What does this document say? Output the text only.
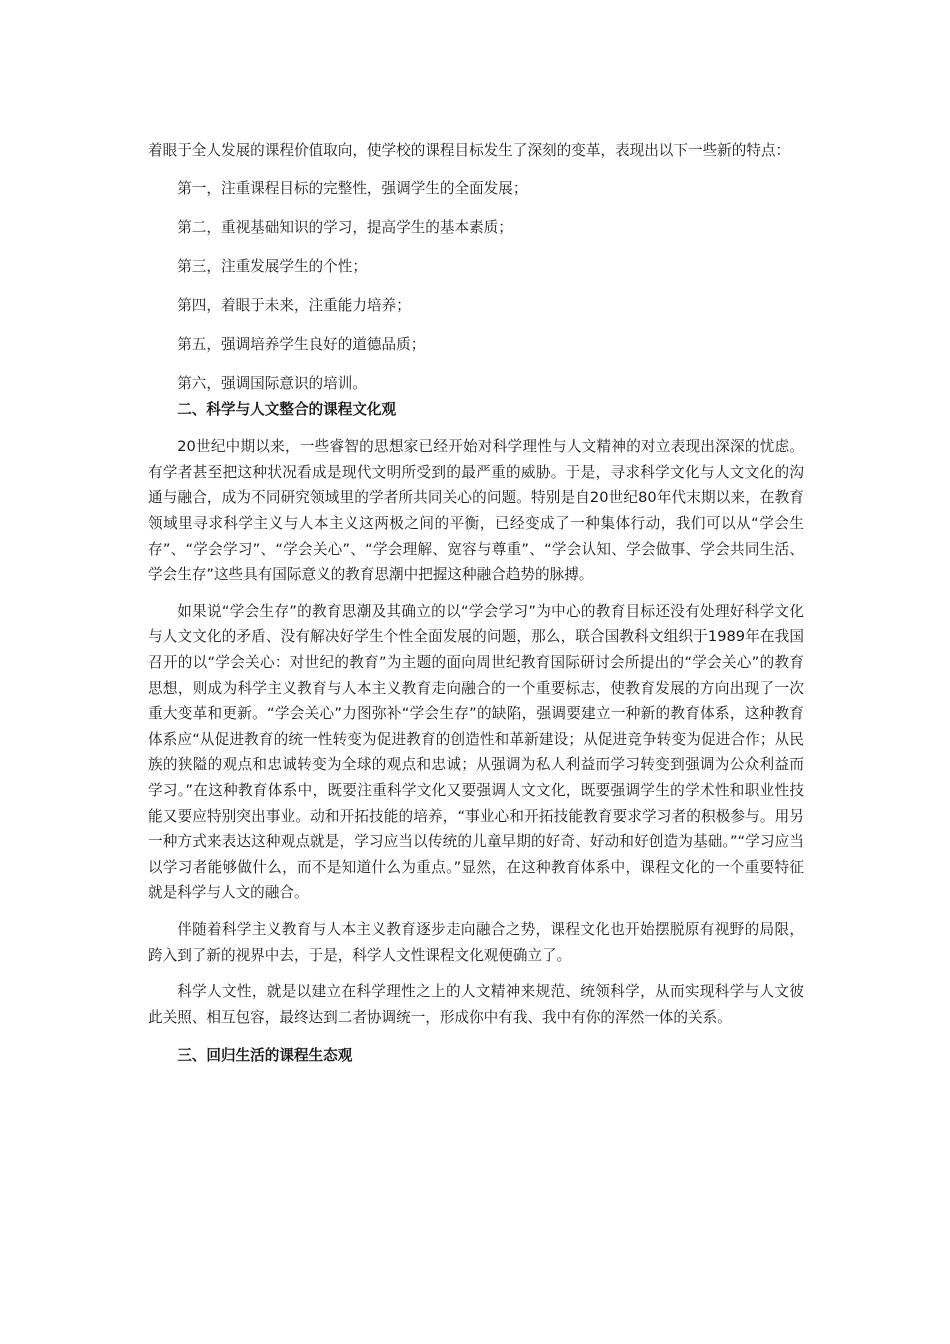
着眼于全人发展的课程价值取向，使学校的课程目标发生了深刻的变革，表现出以下一些新的特点：

第一，注重课程目标的完整性，强调学生的全面发展；

第二，重视基础知识的学习，提高学生的基本素质；

第三，注重发展学生的个性；

第四，着眼于未来，注重能力培养；

第五，强调培养学生良好的道德品质；

第六，强调国际意识的培训。

二、科学与人文整合的课程文化观

20世纪中期以来，一些睿智的思想家已经开始对科学理性与人文精神的对立表现出深深的忧虑。有学者甚至把这种状况看成是现代文明所受到的最严重的威胁。于是，寻求科学文化与人文文化的沟通与融合，成为不同研究领域里的学者所共同关心的问题。特别是自20世纪80年代末期以来，在教育领域里寻求科学主义与人本主义这两极之间的平衡，已经变成了一种集体行动，我们可以从“学会生存”、“学会学习”、“学会关心”、“学会理解、宽容与尊重”、“学会认知、学会做事、学会共同生活、学会生存”这些具有国际意义的教育思潮中把握这种融合趋势的脉搏。

如果说“学会生存”的教育思潮及其确立的以“学会学习”为中心的教育目标还没有处理好科学文化与人文文化的矛盾、没有解决好学生个性全面发展的问题，那么，联合国教科文组织于1989年在我国召开的以“学会关心：对世纪的教育”为主题的面向周世纪教育国际研讨会所提出的“学会关心”的教育思想，则成为科学主义教育与人本主义教育走向融合的一个重要标志，使教育发展的方向出现了一次重大变革和更新。“学会关心”力图弥补“学会生存”的缺陷，强调要建立一种新的教育体系，这种教育体系应“从促进教育的统一性转变为促进教育的创造性和革新建设；从促进竞争转变为促进合作；从民族的狭隘的观点和忠诚转变为全球的观点和忠诚；从强调为私人利益而学习转变到强调为公众利益而学习。”在这种教育体系中，既要注重科学文化又要强调人文文化，既要强调学生的学术性和职业性技能又要应特别突出事业。动和开拓技能的培养，“事业心和开拓技能教育要求学习者的积极参与。用另一种方式来表达这种观点就是，学习应当以传统的儿童早期的好奇、好动和好创造为基础。”“学习应当以学习者能够做什么，而不是知道什么为重点。”显然，在这种教育体系中，课程文化的一个重要特征就是科学与人文的融合。

伴随着科学主义教育与人本主义教育逐步走向融合之势，课程文化也开始摆脱原有视野的局限，跨入到了新的视界中去，于是，科学人文性课程文化观便确立了。

科学人文性，就是以建立在科学理性之上的人文精神来规范、统领科学，从而实现科学与人文彼此关照、相互包容，最终达到二者协调统一，形成你中有我、我中有你的浑然一体的关系。

三、回归生活的课程生态观
